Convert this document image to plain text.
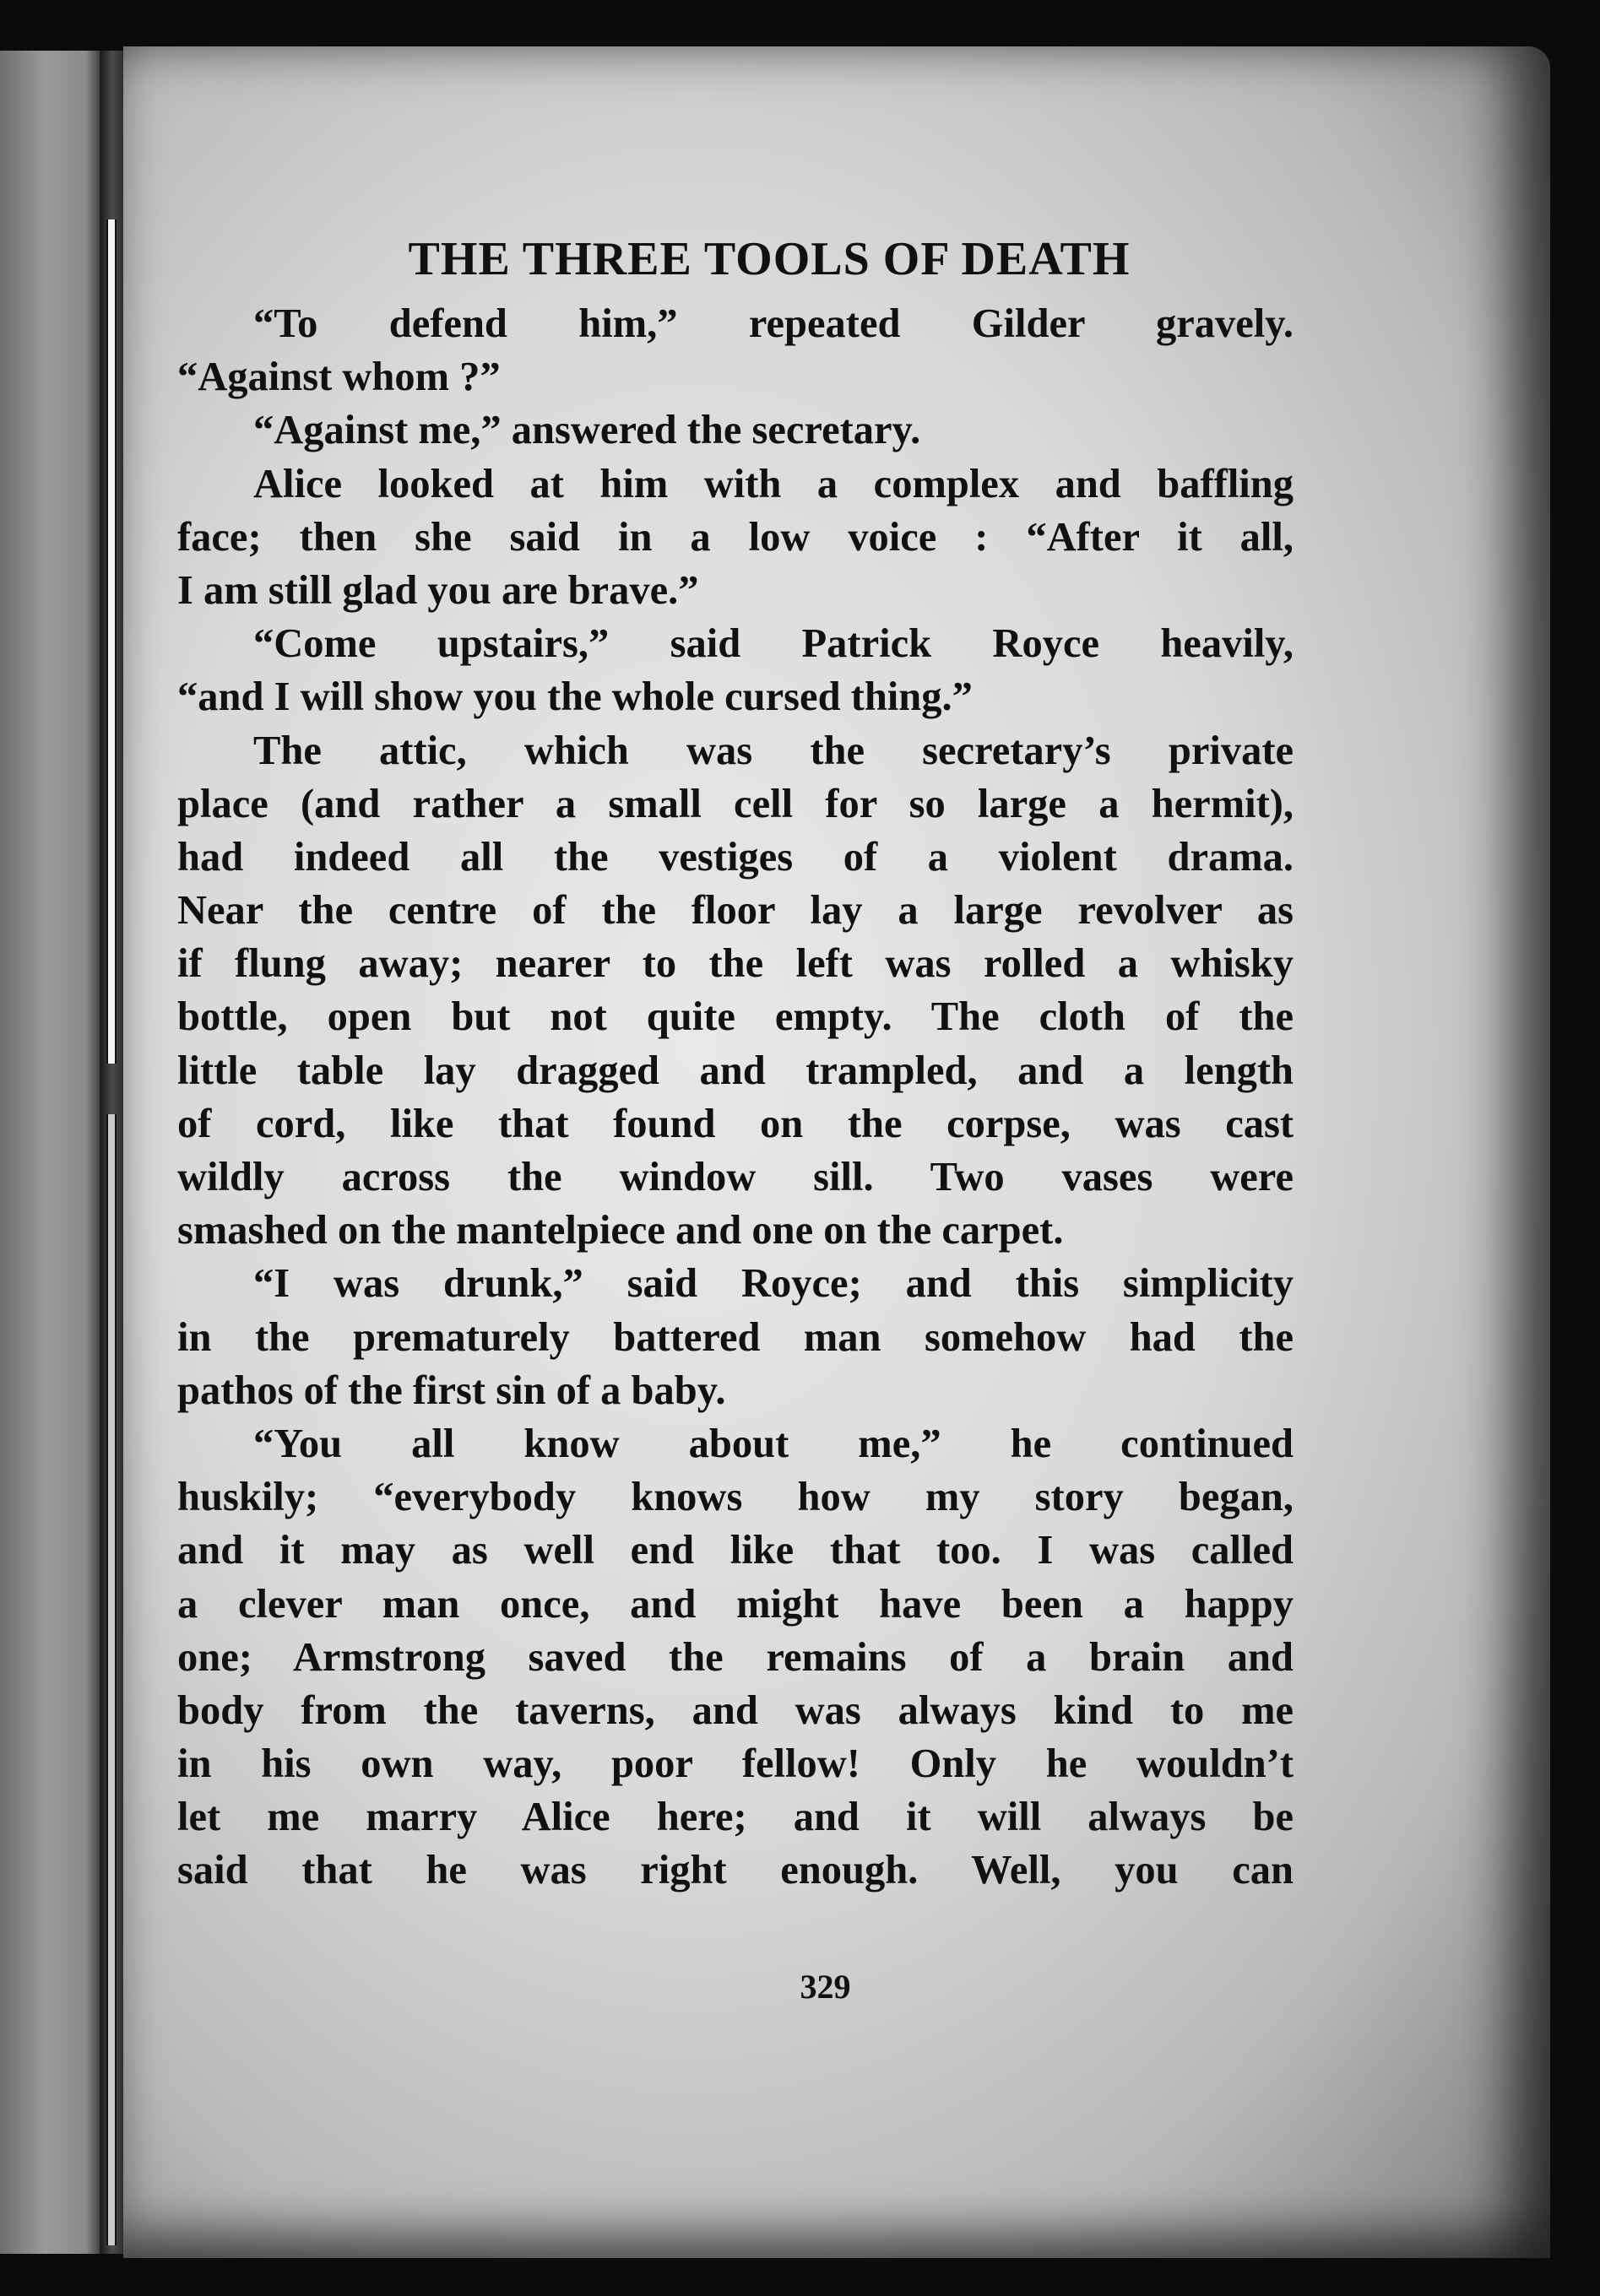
THE THREE TOOLS OF DEATH
“To defend him,” repeated Gilder gravely.
“Against whom ?”
“Against me,” answered the secretary.
Alice looked at him with a complex and baffling
face; then she said in a low voice : “After it all,
I am still glad you are brave.”
“Come upstairs,” said Patrick Royce heavily,
“and I will show you the whole cursed thing.”
The attic, which was the secretary’s private
place (and rather a small cell for so large a hermit),
had indeed all the vestiges of a violent drama.
Near the centre of the floor lay a large revolver as
if flung away; nearer to the left was rolled a whisky
bottle, open but not quite empty. The cloth of the
little table lay dragged and trampled, and a length
of cord, like that found on the corpse, was cast
wildly across the window sill. Two vases were
smashed on the mantelpiece and one on the carpet.
“I was drunk,” said Royce; and this simplicity
in the prematurely battered man somehow had the
pathos of the first sin of a baby.
“You all know about me,” he continued
huskily; “everybody knows how my story began,
and it may as well end like that too. I was called
a clever man once, and might have been a happy
one; Armstrong saved the remains of a brain and
body from the taverns, and was always kind to me
in his own way, poor fellow! Only he wouldn’t
let me marry Alice here; and it will always be
said that he was right enough. Well, you can
329
